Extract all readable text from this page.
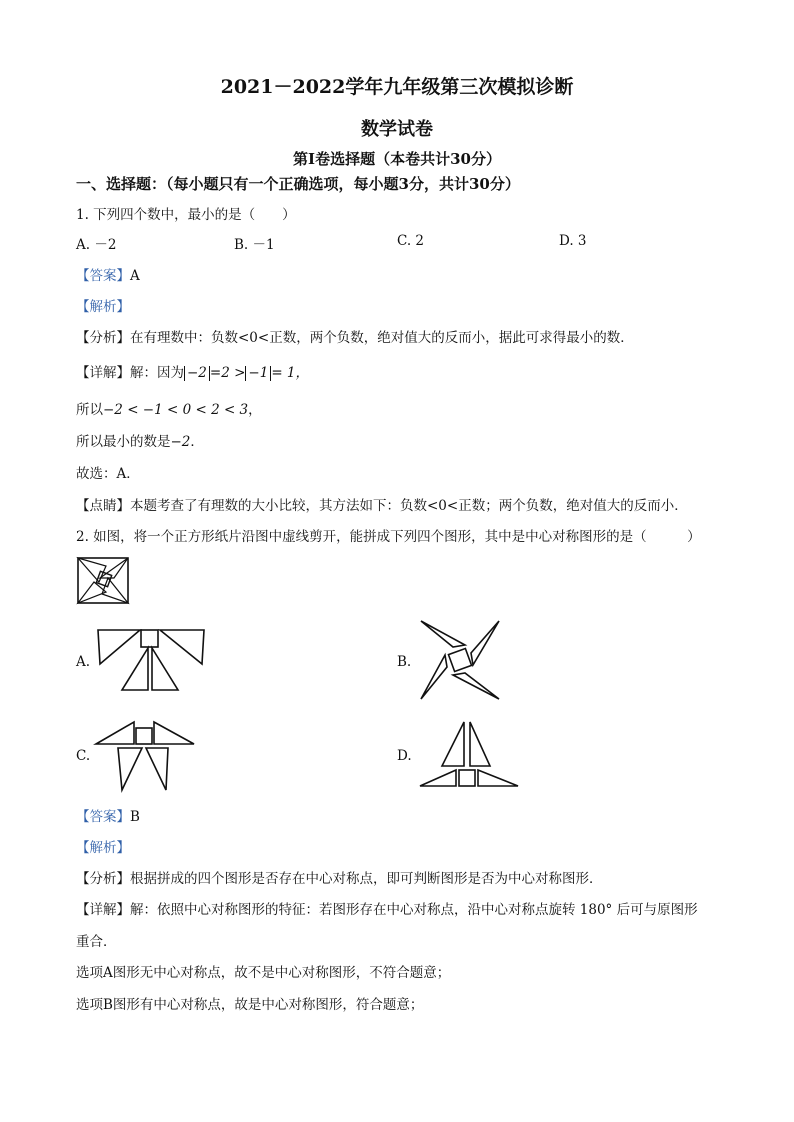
2021－2022学年九年级第三次模拟诊断
数学试卷
第Ⅰ卷选择题（本卷共计30分）
一、选择题：（每小题只有一个正确选项，每小题3分，共计30分）
1. 下列四个数中，最小的是（　　）
A. －2	B. －1	C. 2	D. 3
【答案】A
【解析】
【分析】在有理数中：负数<0<正数，两个负数，绝对值大的反而小，据此可求得最小的数．
【详解】解：因为 −2 =2 > −1 = 1，
所以−2 < −1 < 0 < 2 < 3，
所以最小的数是−2．
故选：A．
【点睛】本题考查了有理数的大小比较，其方法如下：负数<0<正数；两个负数，绝对值大的反而小．
2. 如图，将一个正方形纸片沿图中虚线剪开，能拼成下列四个图形，其中是中心对称图形的是（　　　）
A.	B.
C.	D.
【答案】B
【解析】
【分析】根据拼成的四个图形是否存在中心对称点，即可判断图形是否为中心对称图形．
【详解】解：依照中心对称图形的特征：若图形存在中心对称点，沿中心对称点旋转 180° 后可与原图形
重合．
选项A图形无中心对称点，故不是中心对称图形，不符合题意；
选项B图形有中心对称点，故是中心对称图形，符合题意；
